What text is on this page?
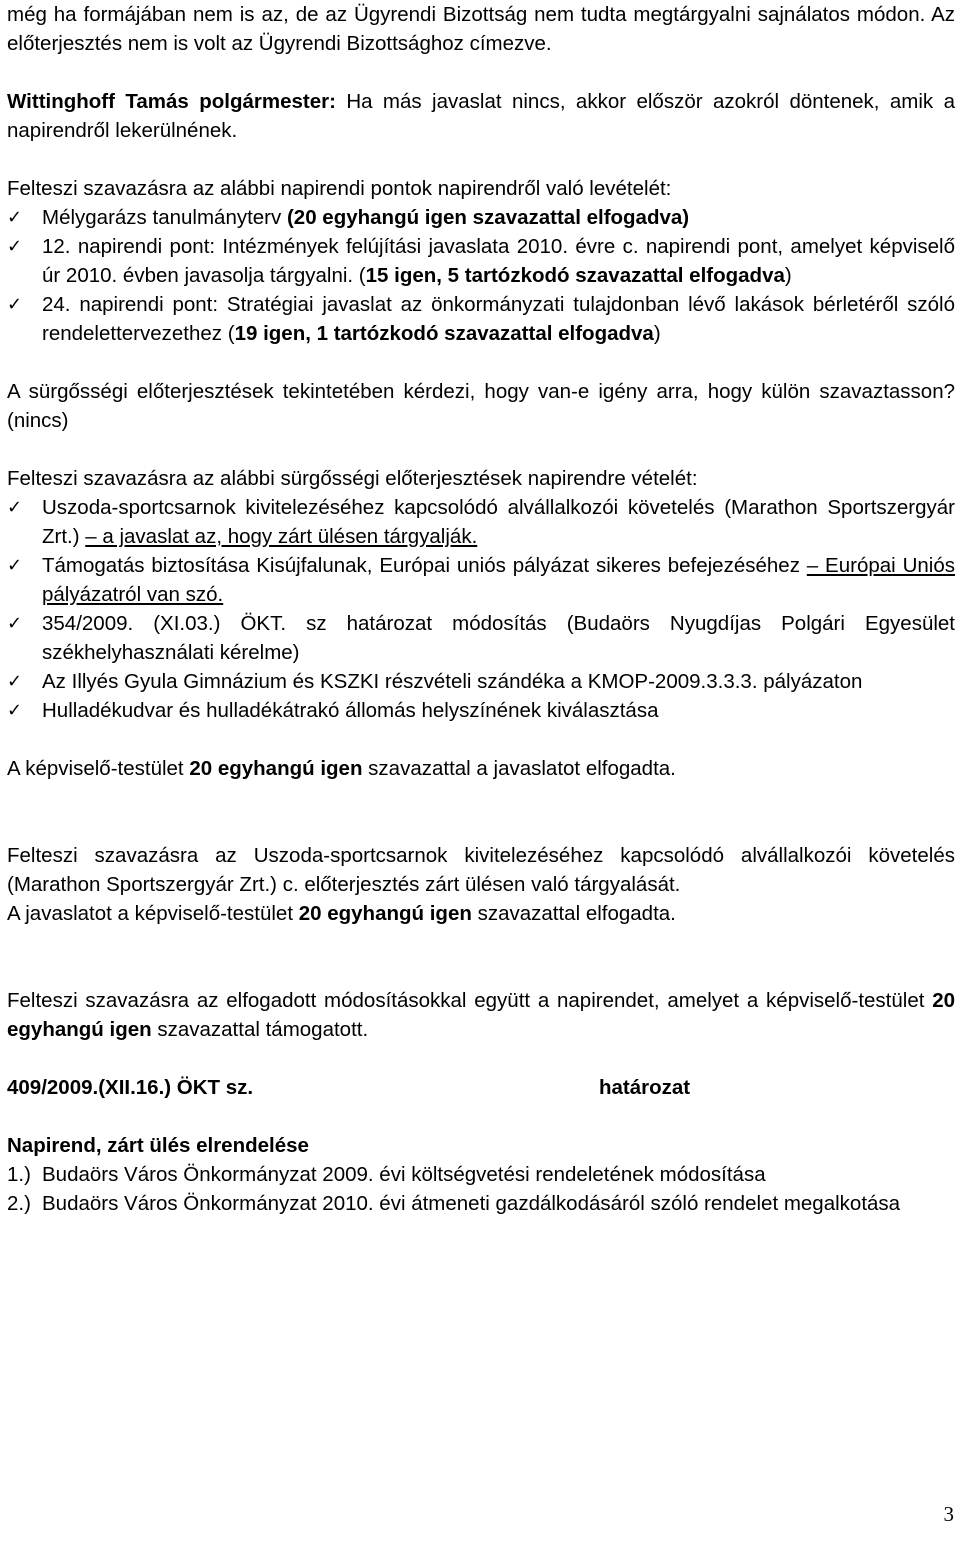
még ha formájában nem is az, de az Ügyrendi Bizottság nem tudta megtárgyalni sajnálatos módon. Az előterjesztés nem is volt az Ügyrendi Bizottsághoz címezve.

Wittinghoff Tamás polgármester: Ha más javaslat nincs, akkor először azokról döntenek, amik a napirendről lekerülnének.

Felteszi szavazásra az alábbi napirendi pontok napirendről való levételét:

✓ Mélygarázs tanulmányterv (20 egyhangú igen szavazattal elfogadva)
✓ 12. napirendi pont: Intézmények felújítási javaslata 2010. évre c. napirendi pont, amelyet képviselő úr 2010. évben javasolja tárgyalni. (15 igen, 5 tartózkodó szavazattal elfogadva)
✓ 24. napirendi pont: Stratégiai javaslat az önkormányzati tulajdonban lévő lakások bérletéről szóló rendelettervezethez (19 igen, 1 tartózkodó szavazattal elfogadva)

A sürgősségi előterjesztések tekintetében kérdezi, hogy van-e igény arra, hogy külön szavaztasson? (nincs)

Felteszi szavazásra az alábbi sürgősségi előterjesztések napirendre vételét:

✓ Uszoda-sportcsarnok kivitelezéséhez kapcsolódó alvállalkozói követelés (Marathon Sportszergyár Zrt.) – a javaslat az, hogy zárt ülésen tárgyalják.
✓ Támogatás biztosítása Kisújfalunak, Európai uniós pályázat sikeres befejezéséhez – Európai Uniós pályázatról van szó.
✓ 354/2009. (XI.03.) ÖKT. sz határozat módosítás (Budaörs Nyugdíjas Polgári Egyesület székhelyhasználati kérelme)
✓ Az Illyés Gyula Gimnázium és KSZKI részvételi szándéka a KMOP-2009.3.3.3. pályázaton
✓ Hulladékudvar és hulladékátrakó állomás helyszínének kiválasztása

A képviselő-testület 20 egyhangú igen szavazattal a javaslatot elfogadta.

Felteszi szavazásra az Uszoda-sportcsarnok kivitelezéséhez kapcsolódó alvállalkozói követelés (Marathon Sportszergyár Zrt.) c. előterjesztés zárt ülésen való tárgyalását.

A javaslatot a képviselő-testület 20 egyhangú igen szavazattal elfogadta.

Felteszi szavazásra az elfogadott módosításokkal együtt a napirendet, amelyet a képviselő-testület 20 egyhangú igen szavazattal támogatott.

409/2009.(XII.16.) ÖKT sz.	határozat

Napirend, zárt ülés elrendelése

1.) Budaörs Város Önkormányzat 2009. évi költségvetési rendeletének módosítása
2.) Budaörs Város Önkormányzat 2010. évi átmeneti gazdálkodásáról szóló rendelet megalkotása
3
